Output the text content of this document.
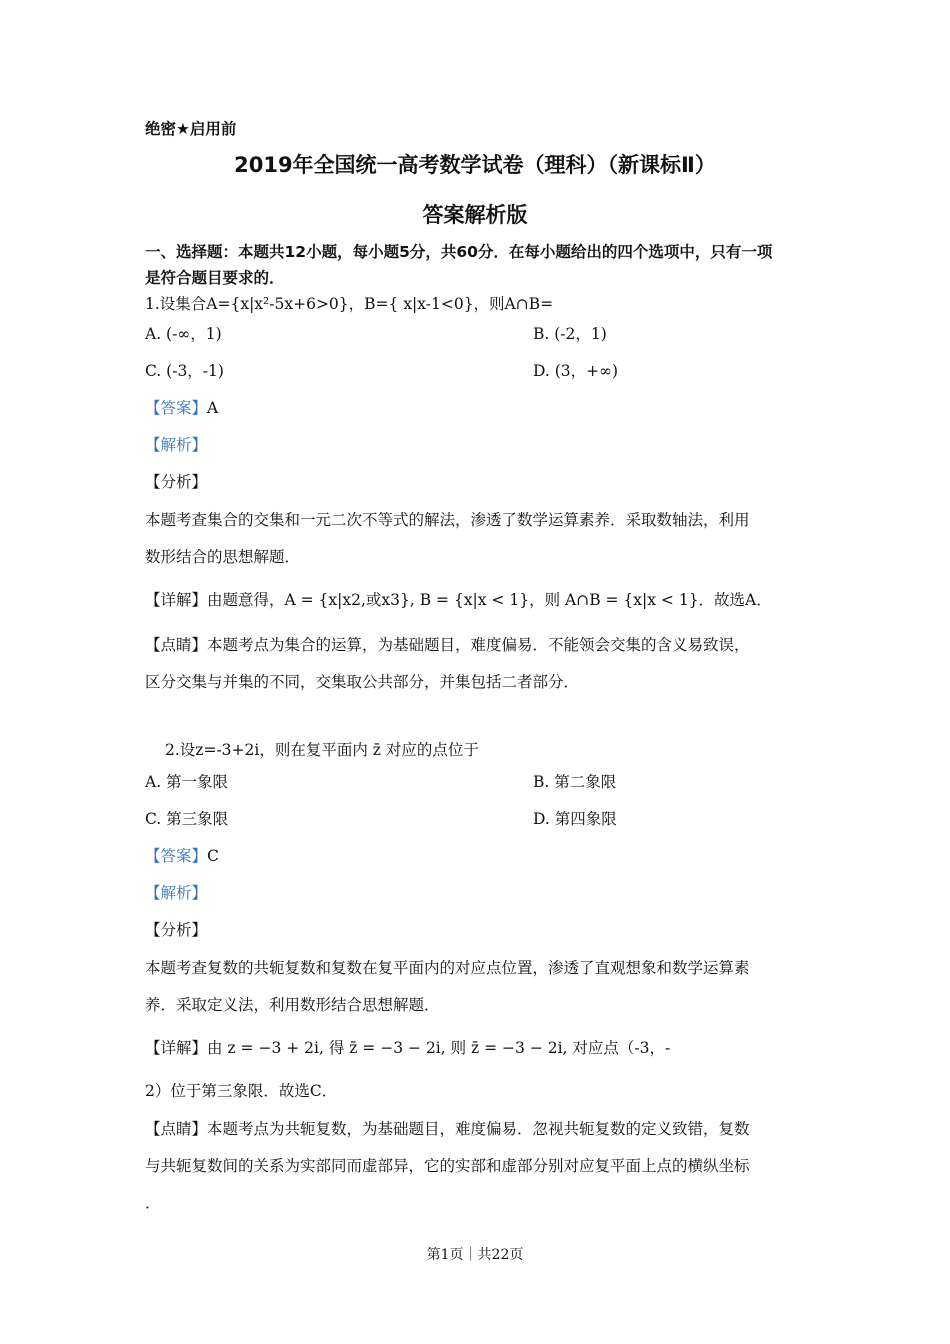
绝密★启用前
2019年全国统一高考数学试卷（理科）（新课标Ⅱ）
答案解析版
一、选择题：本题共12小题，每小题5分，共60分．在每小题给出的四个选项中，只有一项
是符合题目要求的．
1.设集合A={x|x²-5x+6>0}，B={ x|x-1<0}，则A∩B=
A. (-∞，1)	B. (-2，1)
C. (-3，-1)	D. (3，+∞)
【答案】A
【解析】
【分析】
本题考查集合的交集和一元二次不等式的解法，渗透了数学运算素养．采取数轴法，利用
数形结合的思想解题．
【详解】由题意得，A = {x|x2,或x3}, B = {x|x < 1}，则 A∩B = {x|x < 1}．故选A．
【点睛】本题考点为集合的运算，为基础题目，难度偏易．不能领会交集的含义易致误，
区分交集与并集的不同，交集取公共部分，并集包括二者部分．
2.设z=-3+2i，则在复平面内 z̄ 对应的点位于
A. 第一象限	B. 第二象限
C. 第三象限	D. 第四象限
【答案】C
【解析】
【分析】
本题考查复数的共轭复数和复数在复平面内的对应点位置，渗透了直观想象和数学运算素
养．采取定义法，利用数形结合思想解题．
【详解】由 z = −3 + 2i, 得 z̄ = −3 − 2i, 则 z̄ = −3 − 2i, 对应点（-3，-
2）位于第三象限．故选C．
【点睛】本题考点为共轭复数，为基础题目，难度偏易．忽视共轭复数的定义致错，复数
与共轭复数间的关系为实部同而虚部异，它的实部和虚部分别对应复平面上点的横纵坐标
．
第1页｜共22页
